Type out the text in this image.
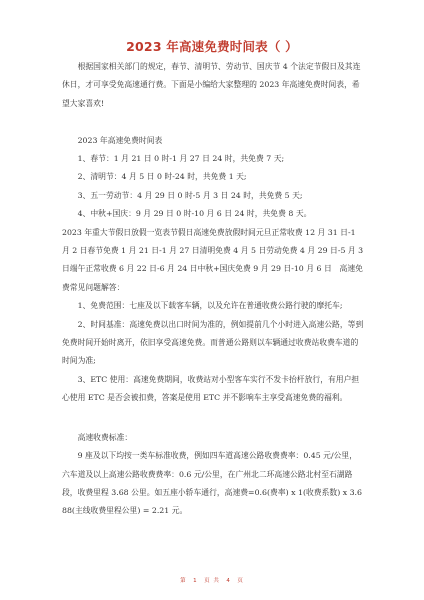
2023 年高速免费时间表（ ）

根据国家相关部门的规定，春节、清明节、劳动节、国庆节 4 个法定节假日及其连休日，才可享受免高速通行费。下面是小编给大家整理的 2023 年高速免费时间表，希望大家喜欢!

2023 年高速免费时间表

1、春节：1 月 21 日 0 时-1 月 27 日 24 时，共免费 7 天;

2、清明节：4 月 5 日 0 时-24 时，共免费 1 天;

3、五一劳动节：4 月 29 日 0 时-5 月 3 日 24 时，共免费 5 天;

4、中秋+国庆：9 月 29 日 0 时-10 月 6 日 24 时，共免费 8 天。

2023 年重大节假日放假一览表节假日高速免费放假时间元旦正常收费 12 月 31 日-1 月 2 日春节免费 1 月 21 日-1 月 27 日清明免费 4 月 5 日劳动免费 4 月 29 日-5 月 3 日端午正常收费 6 月 22 日-6 月 24 日中秋+国庆免费 9 月 29 日-10 月 6 日　高速免费常见问题解答：

1、免费范围：七座及以下载客车辆，以及允许在普通收费公路行驶的摩托车;

2、时间基准：高速免费以出口时间为准的，例如提前几个小时进入高速公路，等到免费时间开始时离开，依旧享受高速免费。而普通公路则以车辆通过收费站收费车道的时间为准;

3、ETC 使用：高速免费期间，收费站对小型客车实行不发卡抬杆放行，有用户担心使用 ETC 是否会被扣费，答案是使用 ETC 并不影响车主享受高速免费的福利。

高速收费标准：

9 座及以下均按一类车标准收费，例如四车道高速公路收费费率：0.45 元/公里，六车道及以上高速公路收费费率：0.6 元/公里，在广州北二环高速公路北村至石湖路段，收费里程 3.68 公里。如五座小轿车通行，高速费=0.6(费率) x 1(收费系数) x 3.688(主线收费里程公里) = 2.21 元。

第　1　页 共　4　页
